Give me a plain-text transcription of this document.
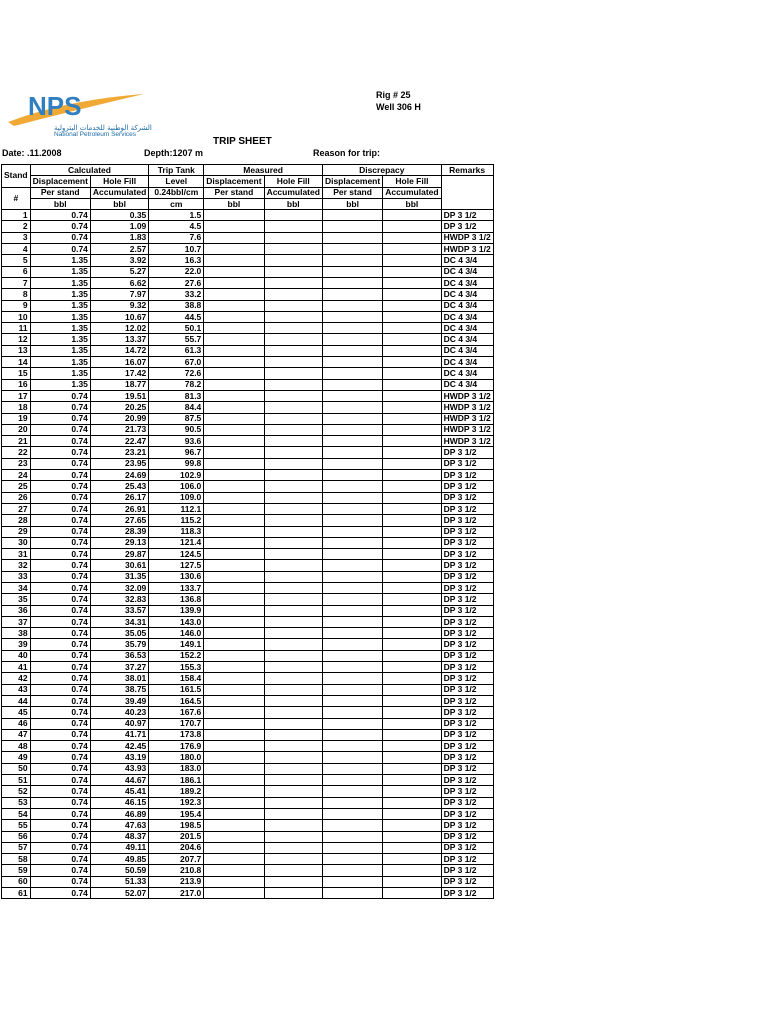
NPS
الشركة الوطنية للخدمات البترولية
National Petroleum Services
Rig # 25
Well 306 H
TRIP SHEET
Date: .11.2008	Depth:1207 m	Reason for trip:
Stand	Calculated		Trip Tank	Measured		Discrepacy		Remarks
	Displacement	Hole Fill	Level	Displacement	Hole Fill	Displacement	Hole Fill	
#	Per stand	Accumulated	0.24bbl/cm	Per stand	Accumulated	Per stand	Accumulated	
	bbl	bbl	cm	bbl	bbl	bbl	bbl	
1	0.74	0.35	1.5					DP 3 1/2
2	0.74	1.09	4.5					DP 3 1/2
3	0.74	1.83	7.6					HWDP 3 1/2
4	0.74	2.57	10.7					HWDP 3 1/2
5	1.35	3.92	16.3					DC 4 3/4
6	1.35	5.27	22.0					DC 4 3/4
7	1.35	6.62	27.6					DC 4 3/4
8	1.35	7.97	33.2					DC 4 3/4
9	1.35	9.32	38.8					DC 4 3/4
10	1.35	10.67	44.5					DC 4 3/4
11	1.35	12.02	50.1					DC 4 3/4
12	1.35	13.37	55.7					DC 4 3/4
13	1.35	14.72	61.3					DC 4 3/4
14	1.35	16.07	67.0					DC 4 3/4
15	1.35	17.42	72.6					DC 4 3/4
16	1.35	18.77	78.2					DC 4 3/4
17	0.74	19.51	81.3					HWDP 3 1/2
18	0.74	20.25	84.4					HWDP 3 1/2
19	0.74	20.99	87.5					HWDP 3 1/2
20	0.74	21.73	90.5					HWDP 3 1/2
21	0.74	22.47	93.6					HWDP 3 1/2
22	0.74	23.21	96.7					DP 3 1/2
23	0.74	23.95	99.8					DP 3 1/2
24	0.74	24.69	102.9					DP 3 1/2
25	0.74	25.43	106.0					DP 3 1/2
26	0.74	26.17	109.0					DP 3 1/2
27	0.74	26.91	112.1					DP 3 1/2
28	0.74	27.65	115.2					DP 3 1/2
29	0.74	28.39	118.3					DP 3 1/2
30	0.74	29.13	121.4					DP 3 1/2
31	0.74	29.87	124.5					DP 3 1/2
32	0.74	30.61	127.5					DP 3 1/2
33	0.74	31.35	130.6					DP 3 1/2
34	0.74	32.09	133.7					DP 3 1/2
35	0.74	32.83	136.8					DP 3 1/2
36	0.74	33.57	139.9					DP 3 1/2
37	0.74	34.31	143.0					DP 3 1/2
38	0.74	35.05	146.0					DP 3 1/2
39	0.74	35.79	149.1					DP 3 1/2
40	0.74	36.53	152.2					DP 3 1/2
41	0.74	37.27	155.3					DP 3 1/2
42	0.74	38.01	158.4					DP 3 1/2
43	0.74	38.75	161.5					DP 3 1/2
44	0.74	39.49	164.5					DP 3 1/2
45	0.74	40.23	167.6					DP 3 1/2
46	0.74	40.97	170.7					DP 3 1/2
47	0.74	41.71	173.8					DP 3 1/2
48	0.74	42.45	176.9					DP 3 1/2
49	0.74	43.19	180.0					DP 3 1/2
50	0.74	43.93	183.0					DP 3 1/2
51	0.74	44.67	186.1					DP 3 1/2
52	0.74	45.41	189.2					DP 3 1/2
53	0.74	46.15	192.3					DP 3 1/2
54	0.74	46.89	195.4					DP 3 1/2
55	0.74	47.63	198.5					DP 3 1/2
56	0.74	48.37	201.5					DP 3 1/2
57	0.74	49.11	204.6					DP 3 1/2
58	0.74	49.85	207.7					DP 3 1/2
59	0.74	50.59	210.8					DP 3 1/2
60	0.74	51.33	213.9					DP 3 1/2
61	0.74	52.07	217.0					DP 3 1/2
